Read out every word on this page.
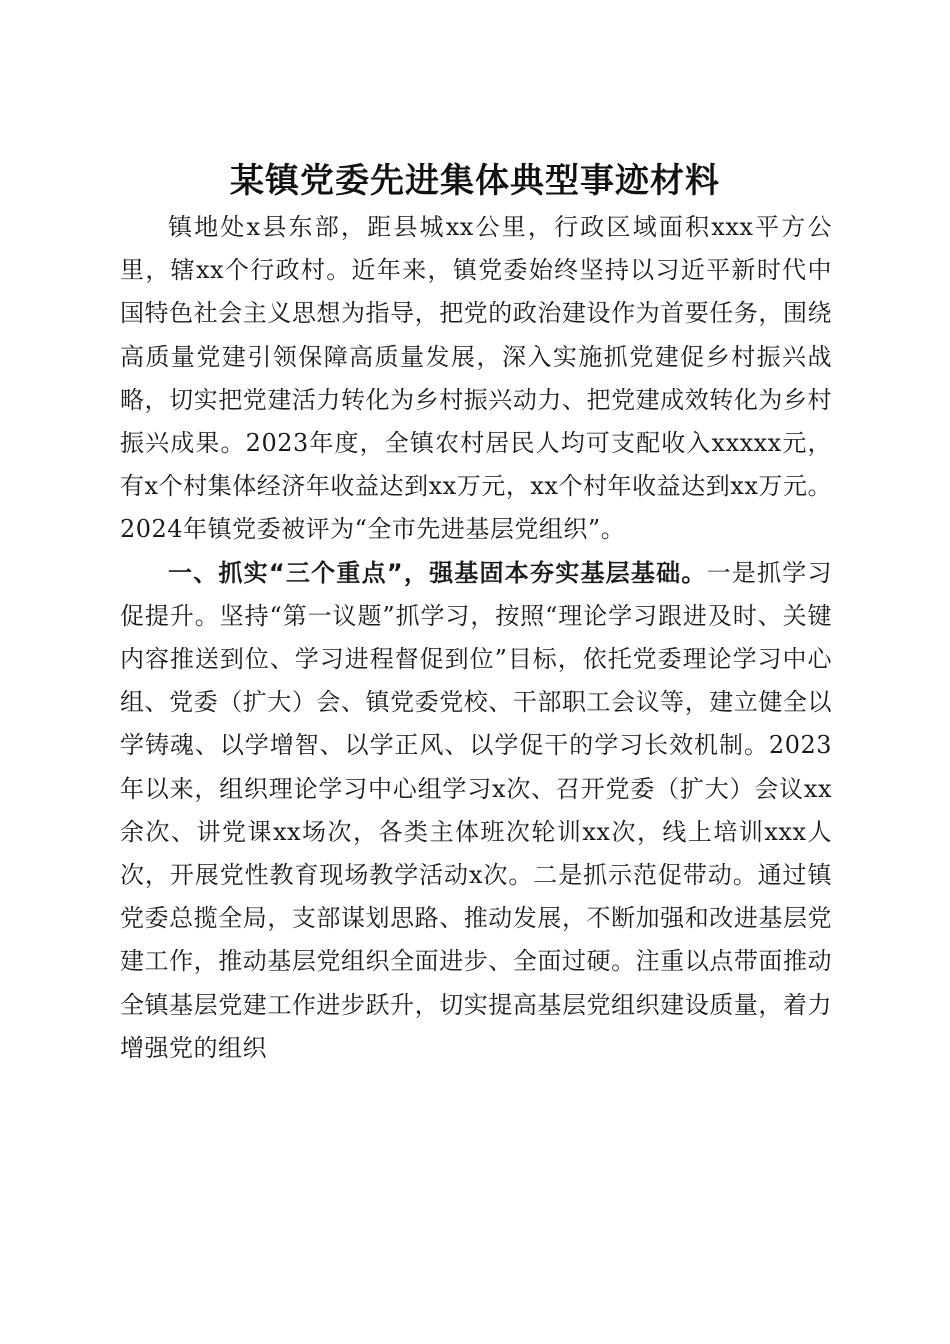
某镇党委先进集体典型事迹材料

镇地处x县东部，距县城xx公里，行政区域面积xxx平方公里，辖xx个行政村。近年来，镇党委始终坚持以习近平新时代中国特色社会主义思想为指导，把党的政治建设作为首要任务，围绕高质量党建引领保障高质量发展，深入实施抓党建促乡村振兴战略，切实把党建活力转化为乡村振兴动力、把党建成效转化为乡村振兴成果。2023年度，全镇农村居民人均可支配收入xxxxx元，有x个村集体经济年收益达到xx万元，xx个村年收益达到xx万元。2024年镇党委被评为“全市先进基层党组织”。

一、抓实“三个重点”，强基固本夯实基层基础。一是抓学习促提升。坚持“第一议题”抓学习，按照“理论学习跟进及时、关键内容推送到位、学习进程督促到位”目标，依托党委理论学习中心组、党委（扩大）会、镇党委党校、干部职工会议等，建立健全以学铸魂、以学增智、以学正风、以学促干的学习长效机制。2023年以来，组织理论学习中心组学习x次、召开党委（扩大）会议xx余次、讲党课xx场次，各类主体班次轮训xx次，线上培训xxx人次，开展党性教育现场教学活动x次。二是抓示范促带动。通过镇党委总揽全局，支部谋划思路、推动发展，不断加强和改进基层党建工作，推动基层党组织全面进步、全面过硬。注重以点带面推动全镇基层党建工作进步跃升，切实提高基层党组织建设质量，着力增强党的组织
